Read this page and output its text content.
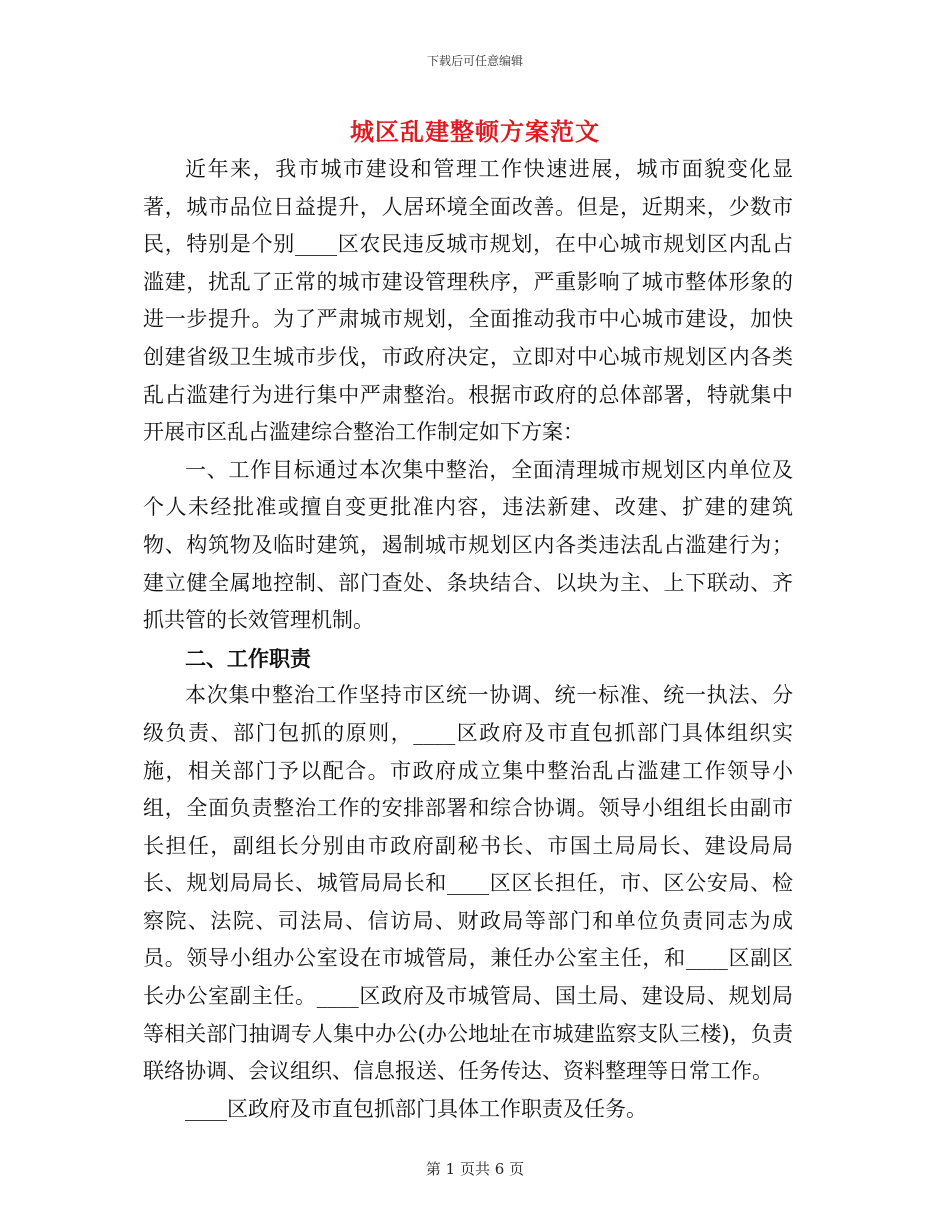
下载后可任意编辑
城区乱建整顿方案范文

近年来，我市城市建设和管理工作快速进展，城市面貌变化显著，城市品位日益提升，人居环境全面改善。但是，近期来，少数市民，特别是个别____区农民违反城市规划，在中心城市规划区内乱占滥建，扰乱了正常的城市建设管理秩序，严重影响了城市整体形象的进一步提升。为了严肃城市规划，全面推动我市中心城市建设，加快创建省级卫生城市步伐，市政府决定，立即对中心城市规划区内各类乱占滥建行为进行集中严肃整治。根据市政府的总体部署，特就集中开展市区乱占滥建综合整治工作制定如下方案：

一、工作目标通过本次集中整治，全面清理城市规划区内单位及个人未经批准或擅自变更批准内容，违法新建、改建、扩建的建筑物、构筑物及临时建筑，遏制城市规划区内各类违法乱占滥建行为；建立健全属地控制、部门查处、条块结合、以块为主、上下联动、齐抓共管的长效管理机制。

二、工作职责

本次集中整治工作坚持市区统一协调、统一标准、统一执法、分级负责、部门包抓的原则，____区政府及市直包抓部门具体组织实施，相关部门予以配合。市政府成立集中整治乱占滥建工作领导小组，全面负责整治工作的安排部署和综合协调。领导小组组长由副市长担任，副组长分别由市政府副秘书长、市国土局局长、建设局局长、规划局局长、城管局局长和____区区长担任，市、区公安局、检察院、法院、司法局、信访局、财政局等部门和单位负责同志为成员。领导小组办公室设在市城管局，兼任办公室主任，和____区副区长办公室副主任。____区政府及市城管局、国土局、建设局、规划局等相关部门抽调专人集中办公(办公地址在市城建监察支队三楼)，负责联络协调、会议组织、信息报送、任务传达、资料整理等日常工作。

____区政府及市直包抓部门具体工作职责及任务。

第 1 页共 6 页
